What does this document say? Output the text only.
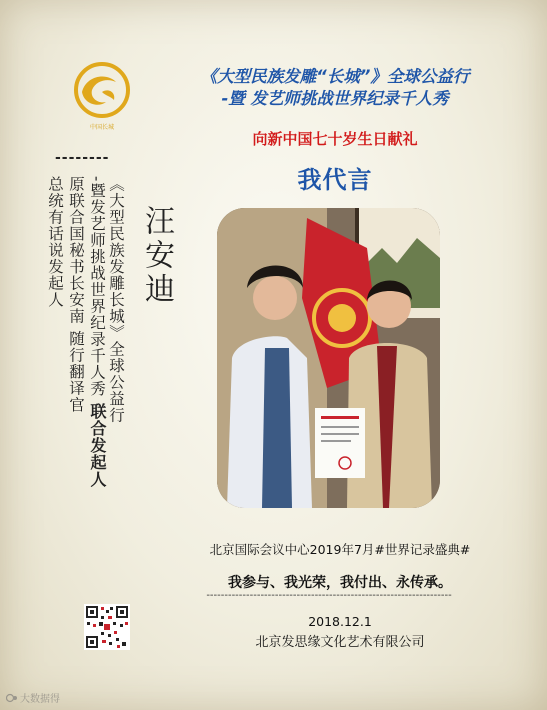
中国长城
《大型民族发雕“长城”》全球公益行
-暨 发艺师挑战世界纪录千人秀
向新中国七十岁生日献礼
我代言
--------
汪安迪
《大型民族发雕长城》全球公益行
-暨发艺师挑战世界纪录千人秀 联合发起人
原联合国秘书长安南 随行翻译官
总统有话说发起人
北京国际会议中心2019年7月#世界记录盛典#
我参与、我光荣，我付出、永传承。
--------------------------------------------------------------------
2018.12.1
北京发思缘文化艺术有限公司
大数据得
